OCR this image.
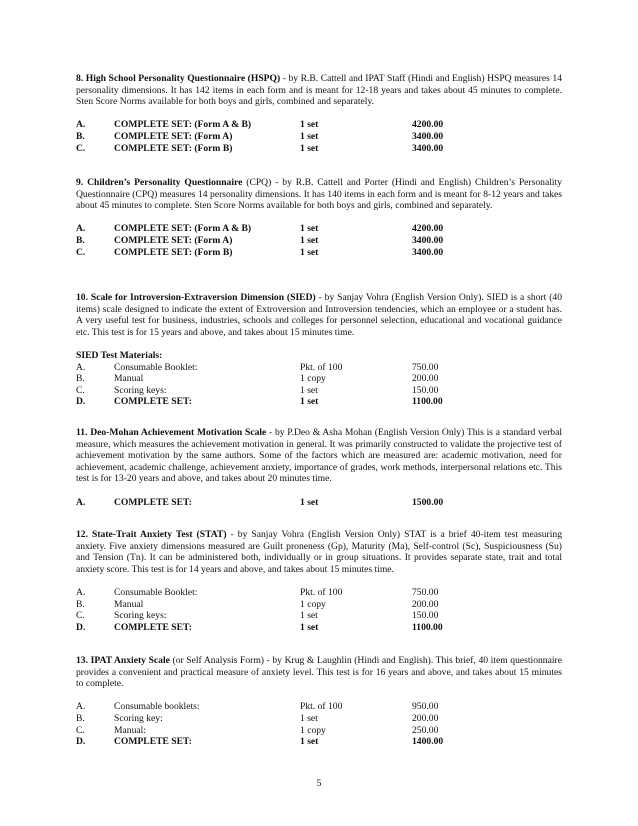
8. High School Personality Questionnaire (HSPQ) - by R.B. Cattell and IPAT Staff (Hindi and English) HSPQ measures 14 personality dimensions. It has 142 items in each form and is meant for 12-18 years and takes about 45 minutes to complete. Sten Score Norms available for both boys and girls, combined and separately.

A.	COMPLETE SET: (Form A & B)	1 set	4200.00
B.	COMPLETE SET: (Form A)	1 set	3400.00
C.	COMPLETE SET: (Form B)	1 set	3400.00

9. Children’s Personality Questionnaire (CPQ) - by R.B. Cattell and Porter (Hindi and English) Children’s Personality Questionnaire (CPQ) measures 14 personality dimensions. It has 140 items in each form and is meant for 8-12 years and takes about 45 minutes to complete. Sten Score Norms available for both boys and girls, combined and separately.

A.	COMPLETE SET: (Form A & B)	1 set	4200.00
B.	COMPLETE SET: (Form A)	1 set	3400.00
C.	COMPLETE SET: (Form B)	1 set	3400.00

10. Scale for Introversion-Extraversion Dimension (SIED) - by Sanjay Vohra (English Version Only). SIED is a short (40 items) scale designed to indicate the extent of Extroversion and Introversion tendencies, which an employee or a student has. A very useful test for business, industries, schools and colleges for personnel selection, educational and vocational guidance etc. This test is for 15 years and above, and takes about 15 minutes time.

SIED Test Materials:

A.	Consumable Booklet:	Pkt. of 100	750.00
B.	Manual	1 copy	200.00
C.	Scoring keys:	1 set	150.00
D.	COMPLETE SET:	1 set	1100.00

11. Deo-Mohan Achievement Motivation Scale - by P.Deo & Asha Mohan (English Version Only) This is a standard verbal measure, which measures the achievement motivation in general. It was primarily constructed to validate the projective test of achievement motivation by the same authors. Some of the factors which are measured are: academic motivation, need for achievement, academic challenge, achievement anxiety, importance of grades, work methods, interpersonal relations etc. This test is for 13-20 years and above, and takes about 20 minutes time.

A.	COMPLETE SET:	1 set	1500.00

12. State-Trait Anxiety Test (STAT) - by Sanjay Vohra (English Version Only) STAT is a brief 40-item test measuring anxiety. Five anxiety dimensions measured are Guilt proneness (Gp), Maturity (Ma), Self-control (Sc), Suspiciousness (Su) and Tension (Tn). It can be administered both, individually or in group situations. It provides separate state, trait and total anxiety score. This test is for 14 years and above, and takes about 15 minutes time.

A.	Consumable Booklet:	Pkt. of 100	750.00
B.	Manual	1 copy	200.00
C.	Scoring keys:	1 set	150.00
D.	COMPLETE SET:	1 set	1100.00

13. IPAT Anxiety Scale (or Self Analysis Form) - by Krug & Laughlin (Hindi and English). This brief, 40 item questionnaire provides a convenient and practical measure of anxiety level. This test is for 16 years and above, and takes about 15 minutes to complete.

A.	Consumable booklets:	Pkt. of 100	950.00
B.	Scoring key:	1 set	200.00
C.	Manual:	1 copy	250.00
D.	COMPLETE SET:	1 set	1400.00
5
